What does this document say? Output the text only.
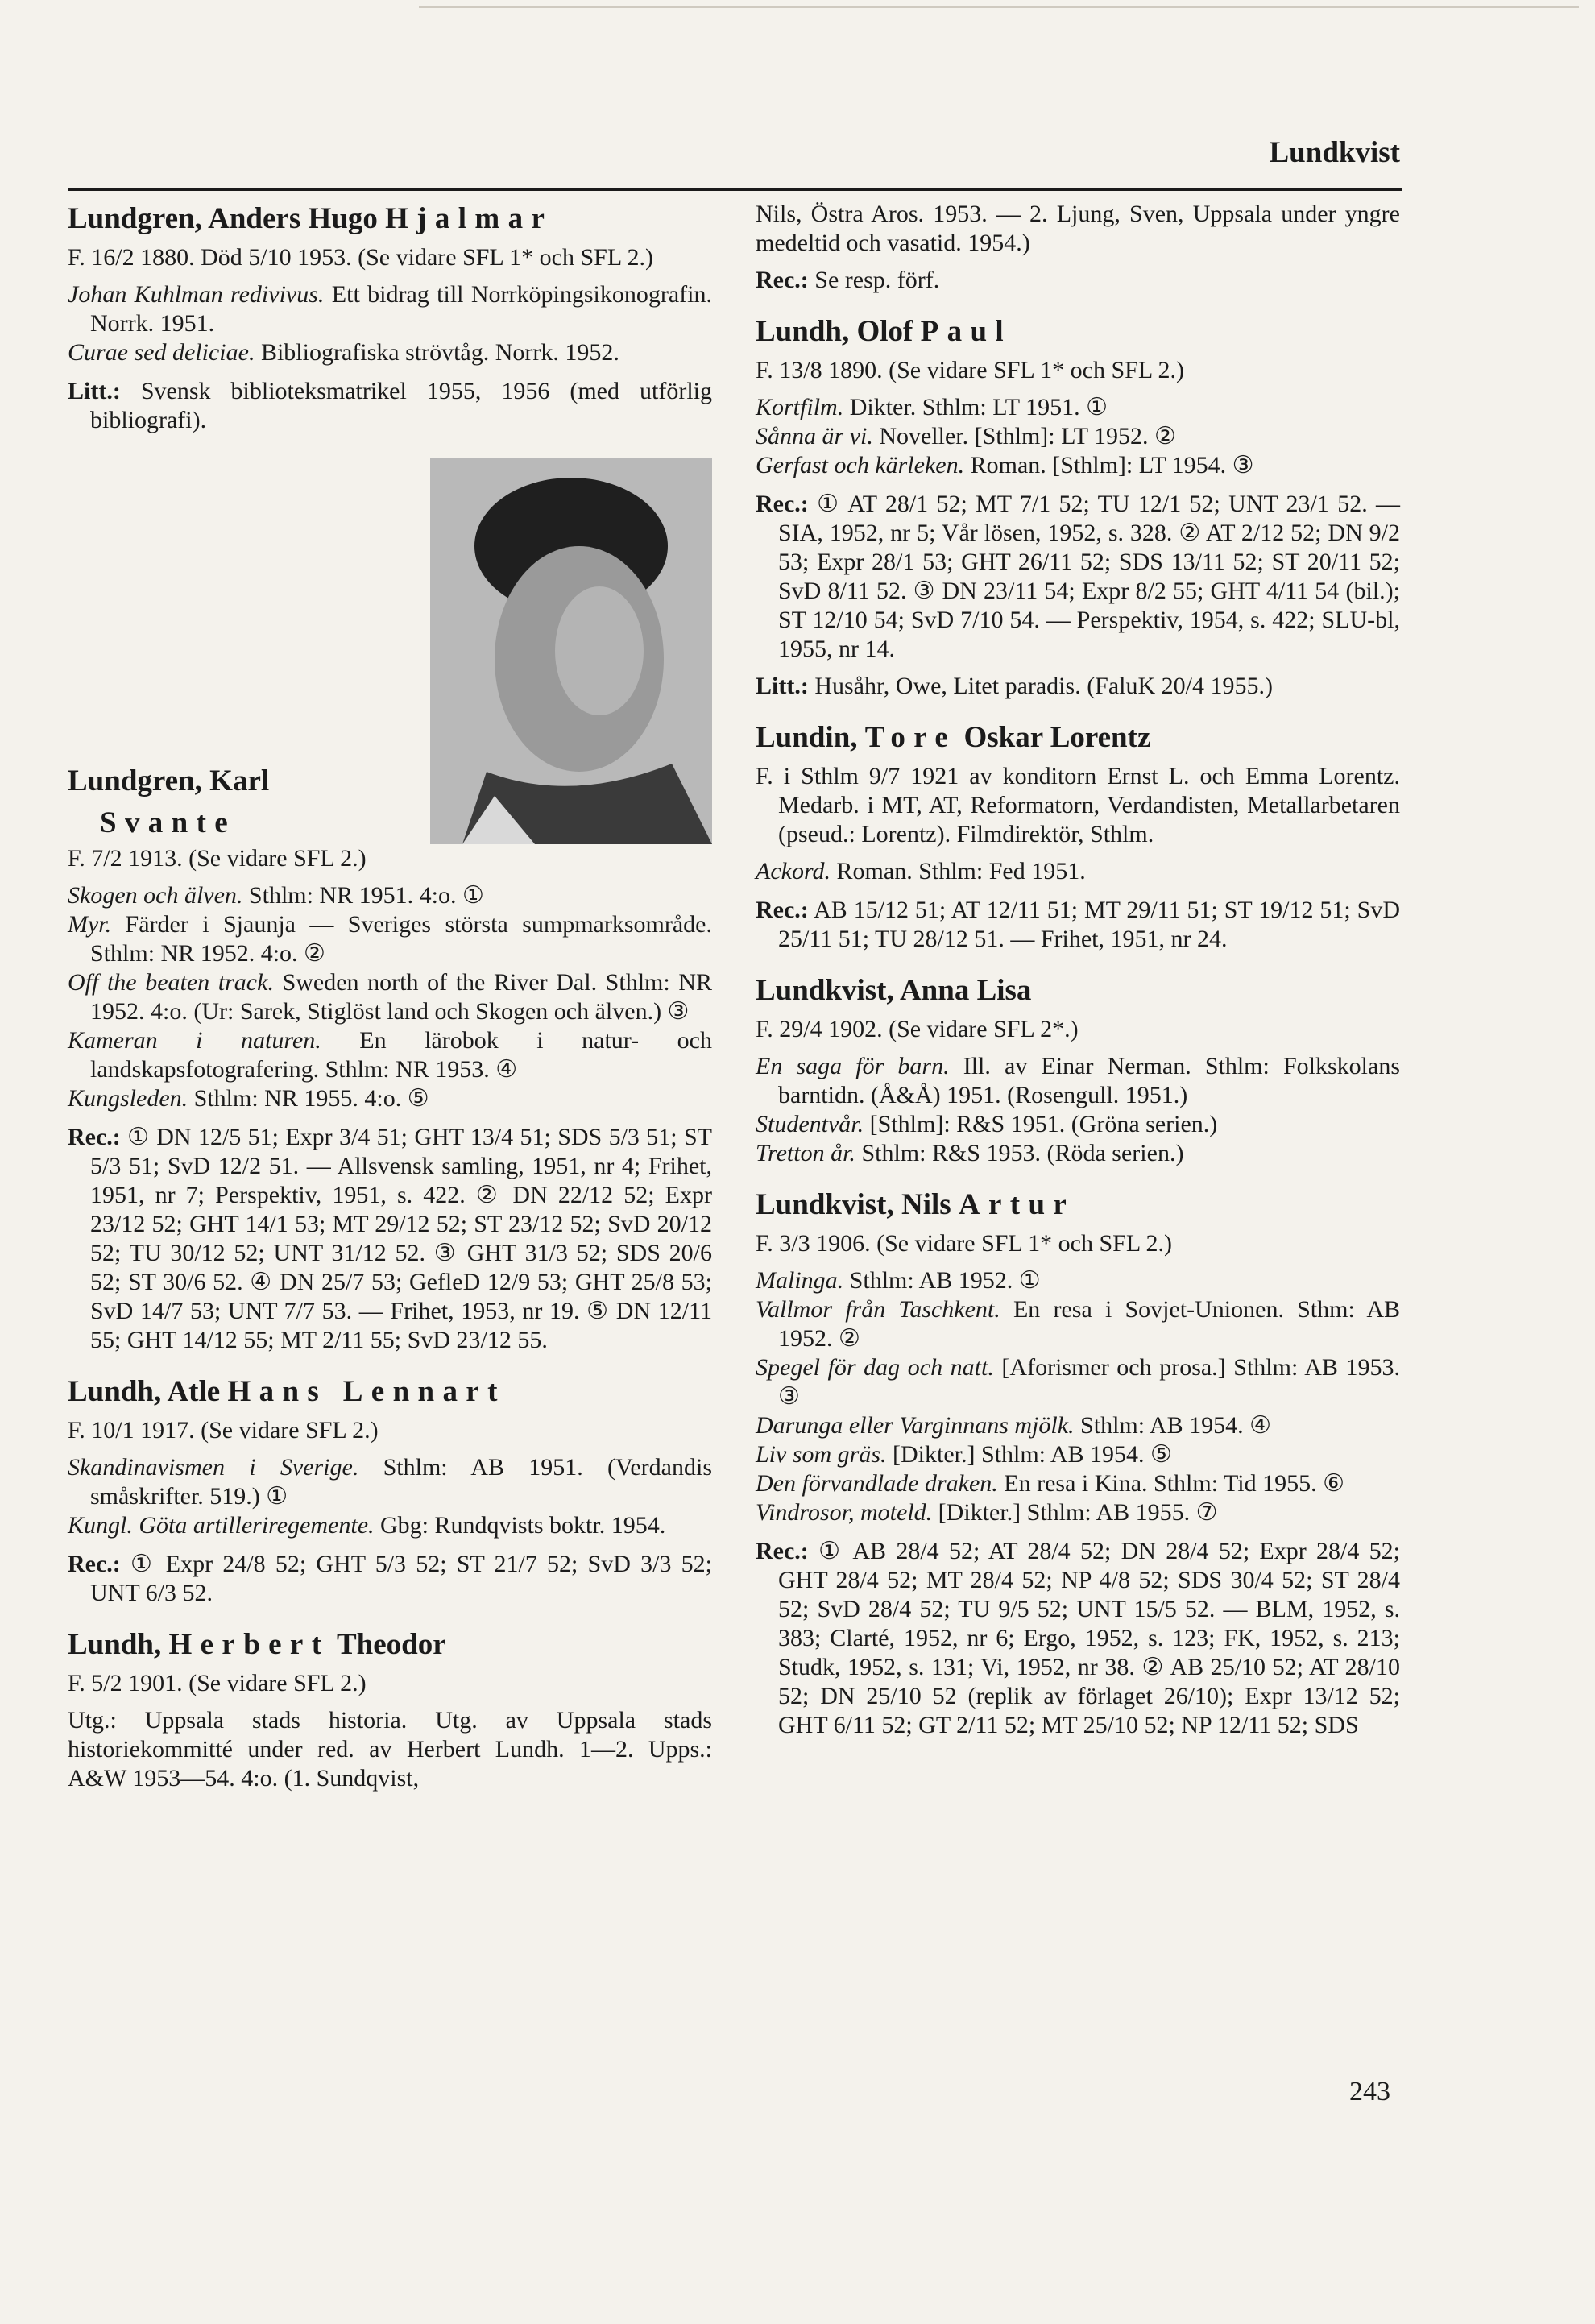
Lundkvist
Lundgren, Anders Hugo Hjalmar
F. 16/2 1880. Död 5/10 1953. (Se vidare SFL 1* och SFL 2.)
Johan Kuhlman redivivus. Ett bidrag till Norrköpingsikonografin. Norrk. 1951.
Curae sed deliciae. Bibliografiska strövtåg. Norrk. 1952.
Litt.: Svensk biblioteksmatrikel 1955, 1956 (med utförlig bibliografi).
Lundgren, Karl
Svante
F. 7/2 1913. (Se vidare SFL 2.)
Skogen och älven. Sthlm: NR 1951. 4:o. ①
Myr. Färder i Sjaunja — Sveriges största sumpmarksområde. Sthlm: NR 1952. 4:o. ②
Off the beaten track. Sweden north of the River Dal. Sthlm: NR 1952. 4:o. (Ur: Sarek, Stiglöst land och Skogen och älven.) ③
Kameran i naturen. En lärobok i natur- och landskapsfotografering. Sthlm: NR 1953. ④
Kungsleden. Sthlm: NR 1955. 4:o. ⑤
Rec.: ① DN 12/5 51; Expr 3/4 51; GHT 13/4 51; SDS 5/3 51; ST 5/3 51; SvD 12/2 51. — Allsvensk samling, 1951, nr 4; Frihet, 1951, nr 7; Perspektiv, 1951, s. 422. ② DN 22/12 52; Expr 23/12 52; GHT 14/1 53; MT 29/12 52; ST 23/12 52; SvD 20/12 52; TU 30/12 52; UNT 31/12 52. ③ GHT 31/3 52; SDS 20/6 52; ST 30/6 52. ④ DN 25/7 53; GefleD 12/9 53; GHT 25/8 53; SvD 14/7 53; UNT 7/7 53. — Frihet, 1953, nr 19. ⑤ DN 12/11 55; GHT 14/12 55; MT 2/11 55; SvD 23/12 55.
Lundh, Atle Hans Lennart
F. 10/1 1917. (Se vidare SFL 2.)
Skandinavismen i Sverige. Sthlm: AB 1951. (Verdandis småskrifter. 519.) ①
Kungl. Göta artilleriregemente. Gbg: Rundqvists boktr. 1954.
Rec.: ① Expr 24/8 52; GHT 5/3 52; ST 21/7 52; SvD 3/3 52; UNT 6/3 52.
Lundh, Herbert Theodor
F. 5/2 1901. (Se vidare SFL 2.)
Utg.: Uppsala stads historia. Utg. av Uppsala stads historiekommitté under red. av Herbert Lundh. 1—2. Upps.: A&W 1953—54. 4:o. (1. Sundqvist,
Nils, Östra Aros. 1953. — 2. Ljung, Sven, Uppsala under yngre medeltid och vasatid. 1954.)
Rec.: Se resp. förf.
Lundh, Olof Paul
F. 13/8 1890. (Se vidare SFL 1* och SFL 2.)
Kortfilm. Dikter. Sthlm: LT 1951. ①
Sånna är vi. Noveller. [Sthlm]: LT 1952. ②
Gerfast och kärleken. Roman. [Sthlm]: LT 1954. ③
Rec.: ① AT 28/1 52; MT 7/1 52; TU 12/1 52; UNT 23/1 52. — SIA, 1952, nr 5; Vår lösen, 1952, s. 328. ② AT 2/12 52; DN 9/2 53; Expr 28/1 53; GHT 26/11 52; SDS 13/11 52; ST 20/11 52; SvD 8/11 52. ③ DN 23/11 54; Expr 8/2 55; GHT 4/11 54 (bil.); ST 12/10 54; SvD 7/10 54. — Perspektiv, 1954, s. 422; SLU-bl, 1955, nr 14.
Litt.: Husåhr, Owe, Litet paradis. (FaluK 20/4 1955.)
Lundin, Tore Oskar Lorentz
F. i Sthlm 9/7 1921 av konditorn Ernst L. och Emma Lorentz. Medarb. i MT, AT, Reformatorn, Verdandisten, Metallarbetaren (pseud.: Lorentz). Filmdirektör, Sthlm.
Ackord. Roman. Sthlm: Fed 1951.
Rec.: AB 15/12 51; AT 12/11 51; MT 29/11 51; ST 19/12 51; SvD 25/11 51; TU 28/12 51. — Frihet, 1951, nr 24.
Lundkvist, Anna Lisa
F. 29/4 1902. (Se vidare SFL 2*.)
En saga för barn. Ill. av Einar Nerman. Sthlm: Folkskolans barntidn. (Å&Å) 1951. (Rosengull. 1951.)
Studentvår. [Sthlm]: R&S 1951. (Gröna serien.)
Tretton år. Sthlm: R&S 1953. (Röda serien.)
Lundkvist, Nils Artur
F. 3/3 1906. (Se vidare SFL 1* och SFL 2.)
Malinga. Sthlm: AB 1952. ①
Vallmor från Taschkent. En resa i Sovjet-Unionen. Sthm: AB 1952. ②
Spegel för dag och natt. [Aforismer och prosa.] Sthlm: AB 1953. ③
Darunga eller Varginnans mjölk. Sthlm: AB 1954. ④
Liv som gräs. [Dikter.] Sthlm: AB 1954. ⑤
Den förvandlade draken. En resa i Kina. Sthlm: Tid 1955. ⑥
Vindrosor, moteld. [Dikter.] Sthlm: AB 1955. ⑦
Rec.: ① AB 28/4 52; AT 28/4 52; DN 28/4 52; Expr 28/4 52; GHT 28/4 52; MT 28/4 52; NP 4/8 52; SDS 30/4 52; ST 28/4 52; SvD 28/4 52; TU 9/5 52; UNT 15/5 52. — BLM, 1952, s. 383; Clarté, 1952, nr 6; Ergo, 1952, s. 123; FK, 1952, s. 213; Studk, 1952, s. 131; Vi, 1952, nr 38. ② AB 25/10 52; AT 28/10 52; DN 25/10 52 (replik av förlaget 26/10); Expr 13/12 52; GHT 6/11 52; GT 2/11 52; MT 25/10 52; NP 12/11 52; SDS
243
